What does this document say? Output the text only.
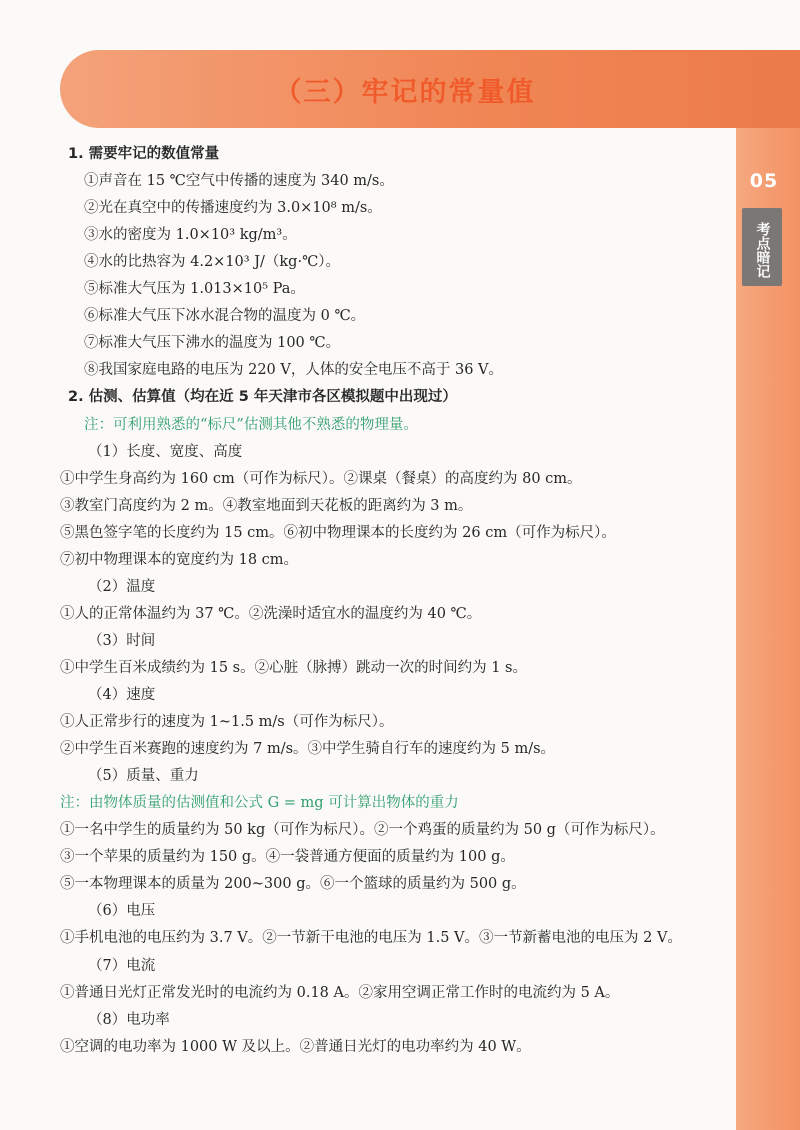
（三）牢记的常量值
05
考点暗记
1. 需要牢记的数值常量
①声音在 15 ℃空气中传播的速度为 340 m/s。
②光在真空中的传播速度约为 3.0×10⁸ m/s。
③水的密度为 1.0×10³ kg/m³。
④水的比热容为 4.2×10³ J/（kg·℃）。
⑤标准大气压为 1.013×10⁵ Pa。
⑥标准大气压下冰水混合物的温度为 0 ℃。
⑦标准大气压下沸水的温度为 100 ℃。
⑧我国家庭电路的电压为 220 V，人体的安全电压不高于 36 V。
2. 估测、估算值（均在近 5 年天津市各区模拟题中出现过）
注：可利用熟悉的“标尺”估测其他不熟悉的物理量。
（1）长度、宽度、高度
①中学生身高约为 160 cm（可作为标尺）。②课桌（餐桌）的高度约为 80 cm。
③教室门高度约为 2 m。④教室地面到天花板的距离约为 3 m。
⑤黑色签字笔的长度约为 15 cm。⑥初中物理课本的长度约为 26 cm（可作为标尺）。
⑦初中物理课本的宽度约为 18 cm。
（2）温度
①人的正常体温约为 37 ℃。②洗澡时适宜水的温度约为 40 ℃。
（3）时间
①中学生百米成绩约为 15 s。②心脏（脉搏）跳动一次的时间约为 1 s。
（4）速度
①人正常步行的速度为 1~1.5 m/s（可作为标尺）。
②中学生百米赛跑的速度约为 7 m/s。③中学生骑自行车的速度约为 5 m/s。
（5）质量、重力
注：由物体质量的估测值和公式 G = mg 可计算出物体的重力
①一名中学生的质量约为 50 kg（可作为标尺）。②一个鸡蛋的质量约为 50 g（可作为标尺）。
③一个苹果的质量约为 150 g。④一袋普通方便面的质量约为 100 g。
⑤一本物理课本的质量为 200~300 g。⑥一个篮球的质量约为 500 g。
（6）电压
①手机电池的电压约为 3.7 V。②一节新干电池的电压为 1.5 V。③一节新蓄电池的电压为 2 V。
（7）电流
①普通日光灯正常发光时的电流约为 0.18 A。②家用空调正常工作时的电流约为 5 A。
（8）电功率
①空调的电功率为 1000 W 及以上。②普通日光灯的电功率约为 40 W。
